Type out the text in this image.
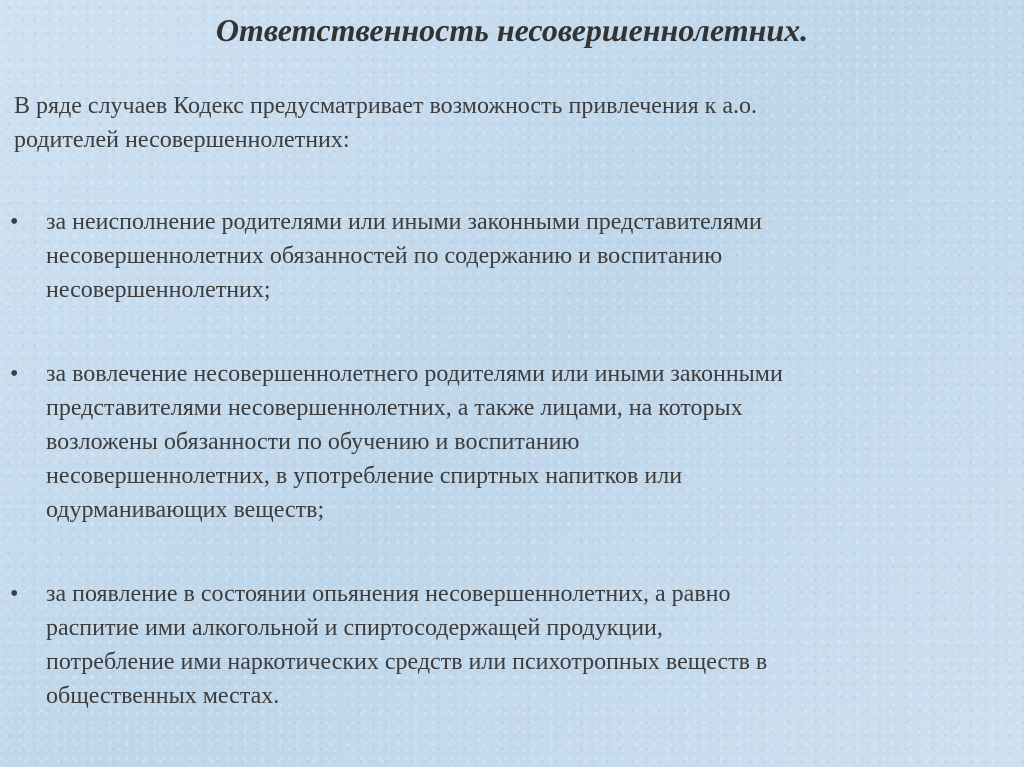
Ответственность несовершеннолетних.
В ряде случаев Кодекс предусматривает возможность привлечения к а.о.
родителей несовершеннолетних:
• за неисполнение родителями или иными законными представителями
несовершеннолетних обязанностей по содержанию и воспитанию
несовершеннолетних;
• за вовлечение несовершеннолетнего родителями или иными законными
представителями несовершеннолетних, а также лицами, на которых
возложены обязанности по обучению и воспитанию
несовершеннолетних, в употребление спиртных напитков или
одурманивающих веществ;
• за появление в состоянии опьянения несовершеннолетних, а равно
распитие ими алкогольной и спиртосодержащей продукции,
потребление ими наркотических средств или психотропных веществ в
общественных местах.
